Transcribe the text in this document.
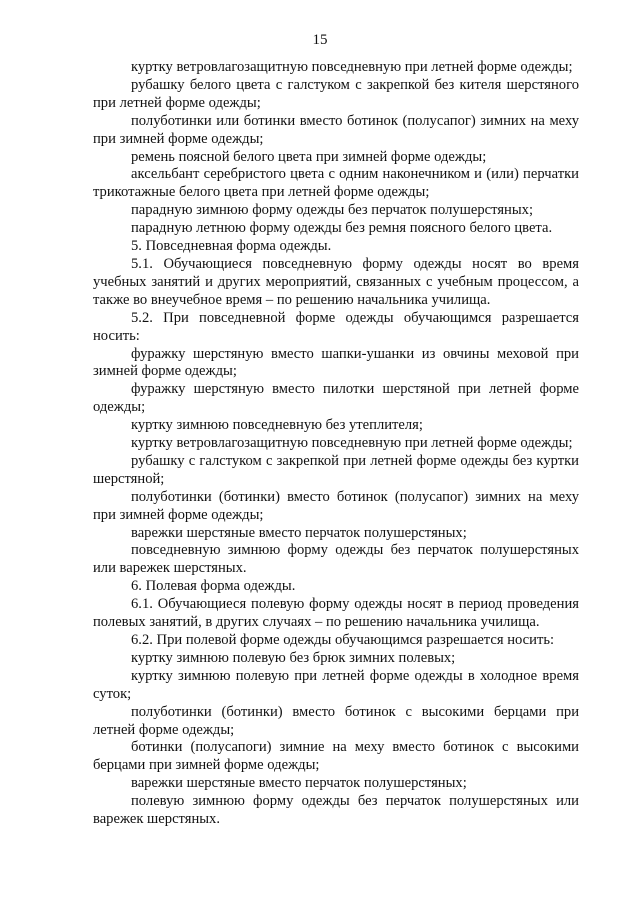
15

куртку ветровлагозащитную повседневную при летней форме одежды;

рубашку белого цвета с галстуком с закрепкой без кителя шерстяного при летней форме одежды;

полуботинки или ботинки вместо ботинок (полусапог) зимних на меху при зимней форме одежды;

ремень поясной белого цвета при зимней форме одежды;

аксельбант серебристого цвета с одним наконечником и (или) перчатки трикотажные белого цвета при летней форме одежды;

парадную зимнюю форму одежды без перчаток полушерстяных;

парадную летнюю форму одежды без ремня поясного белого цвета.

5. Повседневная форма одежды.

5.1. Обучающиеся повседневную форму одежды носят во время учебных занятий и других мероприятий, связанных с учебным процессом, а также во внеучебное время – по решению начальника училища.

5.2. При повседневной форме одежды обучающимся разрешается носить:

фуражку шерстяную вместо шапки-ушанки из овчины меховой при зимней форме одежды;

фуражку шерстяную вместо пилотки шерстяной при летней форме одежды;

куртку зимнюю повседневную без утеплителя;

куртку ветровлагозащитную повседневную при летней форме одежды;

рубашку с галстуком с закрепкой при летней форме одежды без куртки шерстяной;

полуботинки (ботинки) вместо ботинок (полусапог) зимних на меху при зимней форме одежды;

варежки шерстяные вместо перчаток полушерстяных;

повседневную зимнюю форму одежды без перчаток полушерстяных или варежек шерстяных.

6. Полевая форма одежды.

6.1. Обучающиеся полевую форму одежды носят в период проведения полевых занятий, в других случаях – по решению начальника училища.

6.2. При полевой форме одежды обучающимся разрешается носить:

куртку зимнюю полевую без брюк зимних полевых;

куртку зимнюю полевую при летней форме одежды в холодное время суток;

полуботинки (ботинки) вместо ботинок с высокими берцами при летней форме одежды;

ботинки (полусапоги) зимние на меху вместо ботинок с высокими берцами при зимней форме одежды;

варежки шерстяные вместо перчаток полушерстяных;

полевую зимнюю форму одежды без перчаток полушерстяных или варежек шерстяных.
